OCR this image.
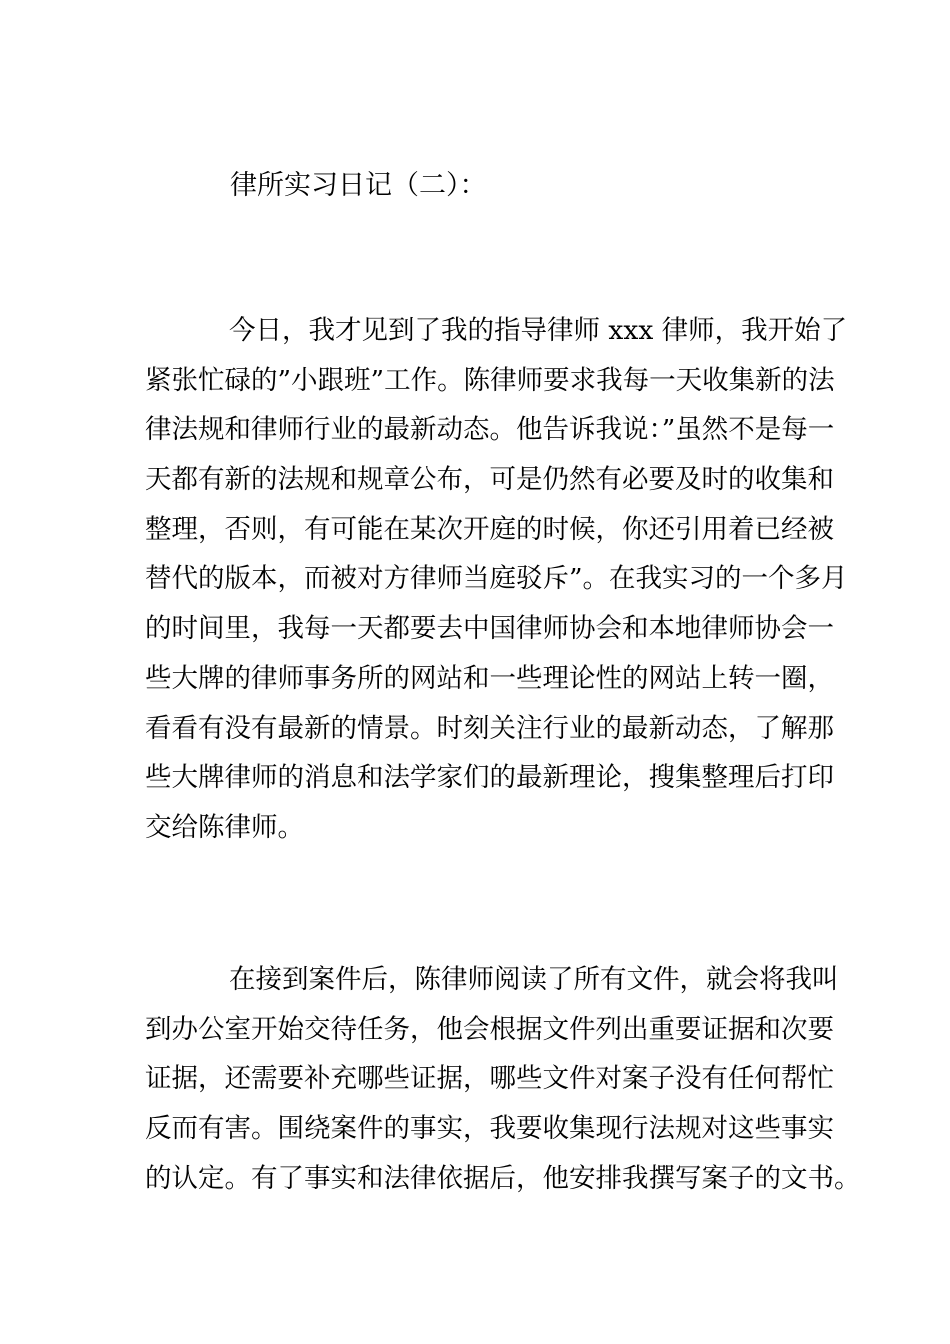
律所实习日记（二）：
今日，我才见到了我的指导律师 xxx 律师，我开始了
紧张忙碌的”小跟班”工作。陈律师要求我每一天收集新的法
律法规和律师行业的最新动态。他告诉我说：”虽然不是每一
天都有新的法规和规章公布，可是仍然有必要及时的收集和
整理，否则，有可能在某次开庭的时候，你还引用着已经被
替代的版本，而被对方律师当庭驳斥”。在我实习的一个多月
的时间里，我每一天都要去中国律师协会和本地律师协会一
些大牌的律师事务所的网站和一些理论性的网站上转一圈，
看看有没有最新的情景。时刻关注行业的最新动态，了解那
些大牌律师的消息和法学家们的最新理论，搜集整理后打印
交给陈律师。
在接到案件后，陈律师阅读了所有文件，就会将我叫
到办公室开始交待任务，他会根据文件列出重要证据和次要
证据，还需要补充哪些证据，哪些文件对案子没有任何帮忙
反而有害。围绕案件的事实，我要收集现行法规对这些事实
的认定。有了事实和法律依据后，他安排我撰写案子的文书。
